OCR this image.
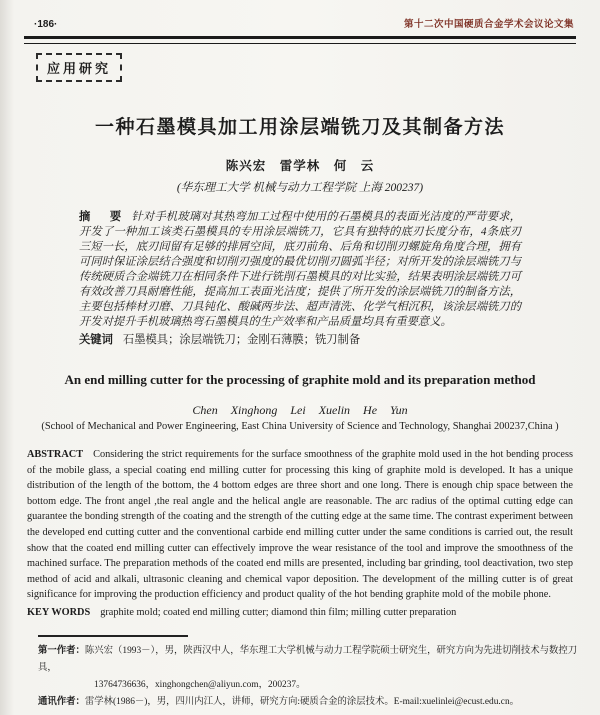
·186·	第十二次中国硬质合金学术会议论文集
应用研究
一种石墨模具加工用涂层端铣刀及其制备方法
陈兴宏　雷学林　何　云
(华东理工大学 机械与动力工程学院 上海 200237)

摘　要 针对手机玻璃对其热弯加工过程中使用的石墨模具的表面光洁度的严苛要求，开发了一种加工该类石墨模具的专用涂层端铣刀，它具有独特的底刃长度分布，4条底刃三短一长，底刃间留有足够的排屑空间，底刃前角、后角和切削刃螺旋角角度合理，拥有可同时保证涂层结合强度和切削刃强度的最优切削刃圆弧半径；对所开发的涂层端铣刀与传统硬质合金端铣刀在相同条件下进行铣削石墨模具的对比实验，结果表明涂层端铣刀可有效改善刀具耐磨性能，提高加工表面光洁度；提供了所开发的涂层端铣刀的制备方法，主要包括棒材刃磨、刀具钝化、酸碱两步法、超声清洗、化学气相沉积，该涂层端铣刀的开发对提升手机玻璃热弯石墨模具的生产效率和产品质量均具有重要意义。

关键词 石墨模具；涂层端铣刀；金刚石薄膜；铣刀制备

An end milling cutter for the processing of graphite mold and its preparation method
Chen Xinghong Lei Xuelin He Yun
(School of Mechanical and Power Engineering, East China University of Science and Technology, Shanghai 200237,China )

ABSTRACT Considering the strict requirements for the surface smoothness of the graphite mold used in the hot bending process of the mobile glass, a special coating end milling cutter for processing this king of graphite mold is developed. It has a unique distribution of the length of the bottom, the 4 bottom edges are three short and one long. There is enough chip space between the bottom edge. The front angel ,the real angle and the helical angle are reasonable. The arc radius of the optimal cutting edge can guarantee the bonding strength of the coating and the strength of the cutting edge at the same time. The contrast experiment between the developed end cutting cutter and the conventional carbide end milling cutter under the same conditions is carried out, the result show that the coated end milling cutter can effectively improve the wear resistance of the tool and improve the smoothness of the machined surface. The preparation methods of the coated end mills are presented, including bar grinding, tool deactivation, two step method of acid and alkali, ultrasonic cleaning and chemical vapor deposition. The development of the milling cutter is of great significance for improving the production efficiency and product quality of the hot bending graphite mold of the mobile phone.

KEY WORDS graphite mold; coated end milling cutter; diamond thin film; milling cutter preparation

第一作者：陈兴宏（1993－），男，陕西汉中人，华东理工大学机械与动力工程学院硕士研究生，研究方向为先进切削技术与数控刀具，
13764736636，xinghongchen@aliyun.com，200237。
通讯作者：雷学林(1986－)，男，四川内江人，讲师，研究方向:硬质合金的涂层技术。E-mail:xuelinlei@ecust.edu.cn。
